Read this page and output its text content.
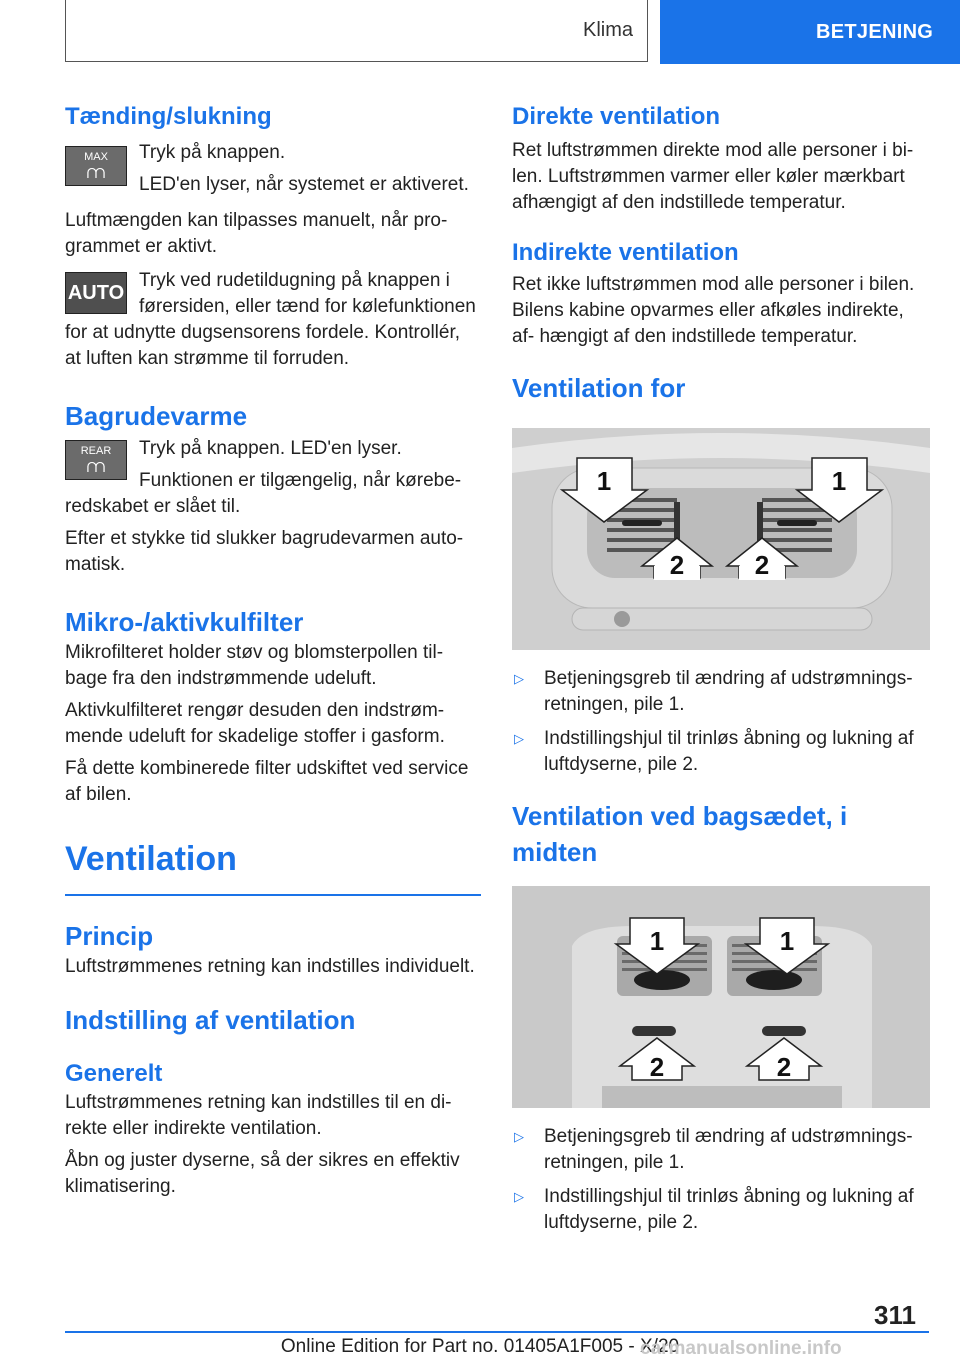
Klima	BETJENING
Tænding/slukning
MAX
⩋

Tryk på knappen.

LED'en lyser, når systemet er aktiveret.

Luftmængden kan tilpasses manuelt, når pro‐ grammet er aktivt.

AUTO

Tryk ved rudetildugning på knappen i førersiden, eller tænd for kølefunktionen

for at udnytte dugsensorens fordele. Kontrollér, at luften kan strømme til forruden.

Bagrudevarme
REAR
⩋

Tryk på knappen. LED'en lyser.

Funktionen er tilgængelig, når kørebe‐

redskabet er slået til.

Efter et stykke tid slukker bagrudevarmen auto‐ matisk.

Mikro-/aktivkulfilter

Mikrofilteret holder støv og blomsterpollen til‐ bage fra den indstrømmende udeluft.

Aktivkulfilteret rengør desuden den indstrøm‐ mende udeluft for skadelige stoffer i gasform.

Få dette kombinerede filter udskiftet ved service af bilen.

Ventilation
Princip

Luftstrømmenes retning kan indstilles individuelt.

Indstilling af ventilation
Generelt

Luftstrømmenes retning kan indstilles til en di‐ rekte eller indirekte ventilation.

Åbn og juster dyserne, så der sikres en effektiv klimatisering.

Direkte ventilation

Ret luftstrømmen direkte mod alle personer i bi‐ len. Luftstrømmen varmer eller køler mærkbart afhængigt af den indstillede temperatur.

Indirekte ventilation

Ret ikke luftstrømmen mod alle personer i bilen. Bilens kabine opvarmes eller afkøles indirekte, af‐ hængigt af den indstillede temperatur.

Ventilation for
1	1
2	2
▷	Betjeningsgreb til ændring af udstrømnings‐ retningen, pile 1.
▷	Indstillingshjul til trinløs åbning og lukning af luftdyserne, pile 2.
Ventilation ved bagsædet, i midten
1	1
2	2
▷	Betjeningsgreb til ændring af udstrømnings‐ retningen, pile 1.
▷	Indstillingshjul til trinløs åbning og lukning af luftdyserne, pile 2.
311
Online Edition for Part no. 01405A1F005 - X/20
carmanualsonline.info
